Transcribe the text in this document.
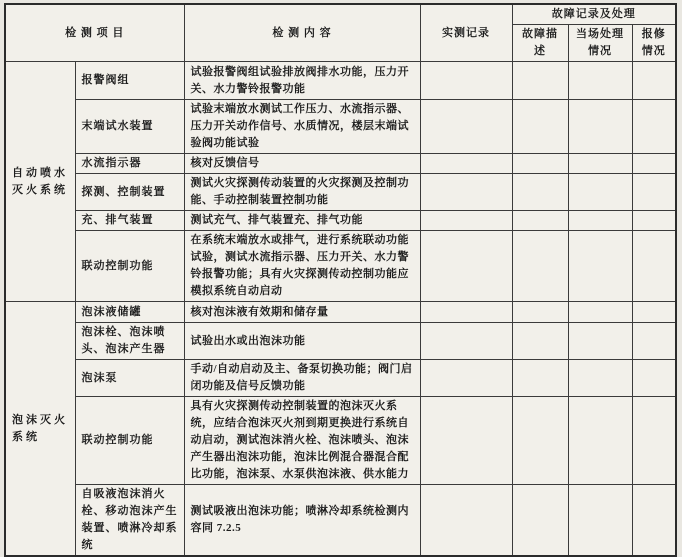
检 测 项 目		检 测 内 容	实测记录	故障记录及处理		
				故障描述	当场处理情况	报修情况
自动喷水灭火系统	报警阀组	试验报警阀组试验排放阀排水功能，压力开关、水力警铃报警功能				
	末端试水装置	试验末端放水测试工作压力、水流指示器、压力开关动作信号、水质情况，楼层末端试验阀功能试验				
	水流指示器	核对反馈信号				
	探测、控制装置	测试火灾探测传动装置的火灾探测及控制功能、手动控制装置控制功能				
	充、排气装置	测试充气、排气装置充、排气功能				
	联动控制功能	在系统末端放水或排气，进行系统联动功能试验，测试水流指示器、压力开关、水力警铃报警功能；具有火灾探测传动控制功能应模拟系统自动启动				
泡沫灭火系统	泡沫液储罐	核对泡沫液有效期和储存量				
	泡沫栓、泡沫喷头、泡沫产生器	试验出水或出泡沫功能				
	泡沫泵	手动/自动启动及主、备泵切换功能；阀门启闭功能及信号反馈功能				
	联动控制功能	具有火灾探测传动控制装置的泡沫灭火系统，应结合泡沫灭火剂到期更换进行系统自动启动，测试泡沫消火栓、泡沫喷头、泡沫产生器出泡沫功能，泡沫比例混合器混合配比功能，泡沫泵、水泵供泡沫液、供水能力				
	自吸液泡沫消火栓、移动泡沫产生装置、喷淋冷却系统	测试吸液出泡沫功能；喷淋冷却系统检测内容同 7.2.5				
